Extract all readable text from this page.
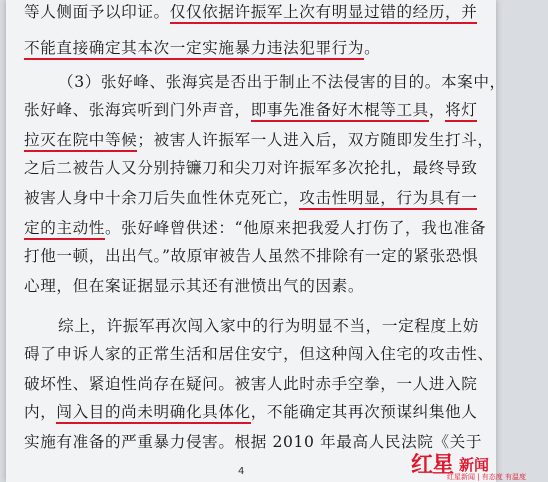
等人侧面予以印证。仅仅依据许振军上次有明显过错的经历，并
不能直接确定其本次一定实施暴力违法犯罪行为。
（3）张好峰、张海宾是否出于制止不法侵害的目的。本案中，
张好峰、张海宾听到门外声音，即事先准备好木棍等工具，将灯
拉灭在院中等候；被害人许振军一人进入后，双方随即发生打斗，
之后二被告人又分别持镰刀和尖刀对许振军多次抡扎，最终导致
被害人身中十余刀后失血性休克死亡，攻击性明显，行为具有一
定的主动性。张好峰曾供述：“他原来把我爱人打伤了，我也准备
打他一顿，出出气。”故原审被告人虽然不排除有一定的紧张恐惧
心理，但在案证据显示其还有泄愤出气的因素。
综上，许振军再次闯入家中的行为明显不当，一定程度上妨
碍了申诉人家的正常生活和居住安宁，但这种闯入住宅的攻击性、
破坏性、紧迫性尚存在疑问。被害人此时赤手空拳，一人进入院
内，闯入目的尚未明确化具体化，不能确定其再次预谋纠集他人
实施有准备的严重暴力侵害。根据 2010 年最高人民法院《关于
4	红星 新闻
红星新闻 | 有态度 有温度
